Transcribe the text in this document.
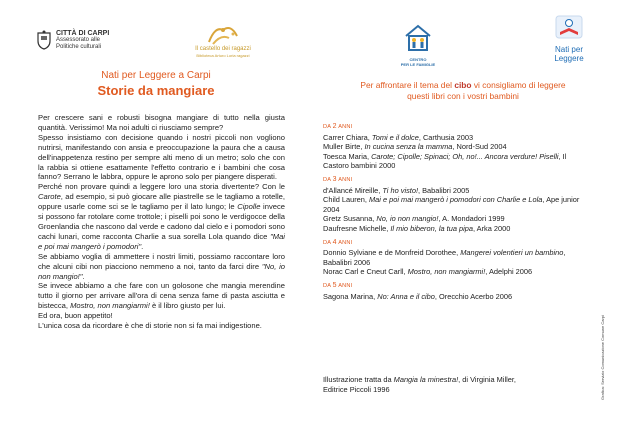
CITTÀ DI CARPI
Assessorato alle
Politiche culturali	Il castello dei ragazzi
Biblioteca Arturo Loria ragazzi
CENTRO
PER LE FAMIGLIE
Nati per
Leggere
Nati per Leggere a Carpi
Storie da mangiare

Per crescere sani e robusti bisogna mangiare di tutto nella giusta quantità. Verissimo! Ma noi adulti ci riusciamo sempre?

Spesso insistiamo con decisione quando i nostri piccoli non vogliono nutrirsi, manifestando con ansia e preoccupazione la paura che a causa dell'inappetenza restino per sempre alti meno di un metro; solo che con la rabbia si ottiene esattamente l'effetto contrario e i bambini che cosa fanno? Serrano le labbra, oppure le aprono solo per piangere disperati.

Perché non provare quindi a leggere loro una storia divertente? Con le Carote, ad esempio, si può giocare alle piastrelle se le tagliamo a rotelle, oppure usarle come sci se le tagliamo per il lato lungo; le Cipolle invece si possono far rotolare come trottole; i piselli poi sono le verdigocce della Groenlandia che nascono dal verde e cadono dal cielo e i pomodori sono cachi lunari, come racconta Charlie a sua sorella Lola quando dice "Mai e poi mai mangerò i pomodori".

Se abbiamo voglia di ammettere i nostri limiti, possiamo raccontare loro che alcuni cibi non piacciono nemmeno a noi, tanto da farci dire "No, io non mangio!".

Se invece abbiamo a che fare con un golosone che mangia merendine tutto il giorno per arrivare all'ora di cena senza fame di pasta asciutta e bistecca, Mostro, non mangiarmi! è il libro giusto per lui.

Ed ora, buon appetito!

L'unica cosa da ricordare è che di storie non si fa mai indigestione.

Per affrontare il tema del cibo vi consigliamo di leggere
questi libri con i vostri bambini
DA 2 ANNI
Carrer Chiara, Tomi e il dolce, Carthusia 2003
Muller Birte, In cucina senza la mamma, Nord-Sud 2004
Toesca Maria, Carote; Cipolle; Spinaci; Oh, no!... Ancora verdure! Piselli, Il Castoro bambini 2000
DA 3 ANNI
d'Allancé Mireille, Ti ho visto!, Babalibri 2005
Child Lauren, Mai e poi mai mangerò i pomodori con Charlie e Lola, Ape junior 2004
Gretz Susanna, No, io non mangio!, A. Mondadori 1999
Daufresne Michelle, Il mio biberon, la tua pipa, Arka 2000
DA 4 ANNI
Donnio Sylviane e de Monfreid Dorothee, Mangerei volentieri un bambino, Babalibri 2006
Norac Carl e Cneut Carll, Mostro, non mangiarmi!, Adelphi 2006
DA 5 ANNI
Sagona Marina, No: Anna e il cibo, Orecchio Acerbo 2006
Illustrazione tratta da Mangia la minestra!, di Virginia Miller,
Editrice Piccoli 1996	Grafica: Servizio Comunicazione Comune Carpi
